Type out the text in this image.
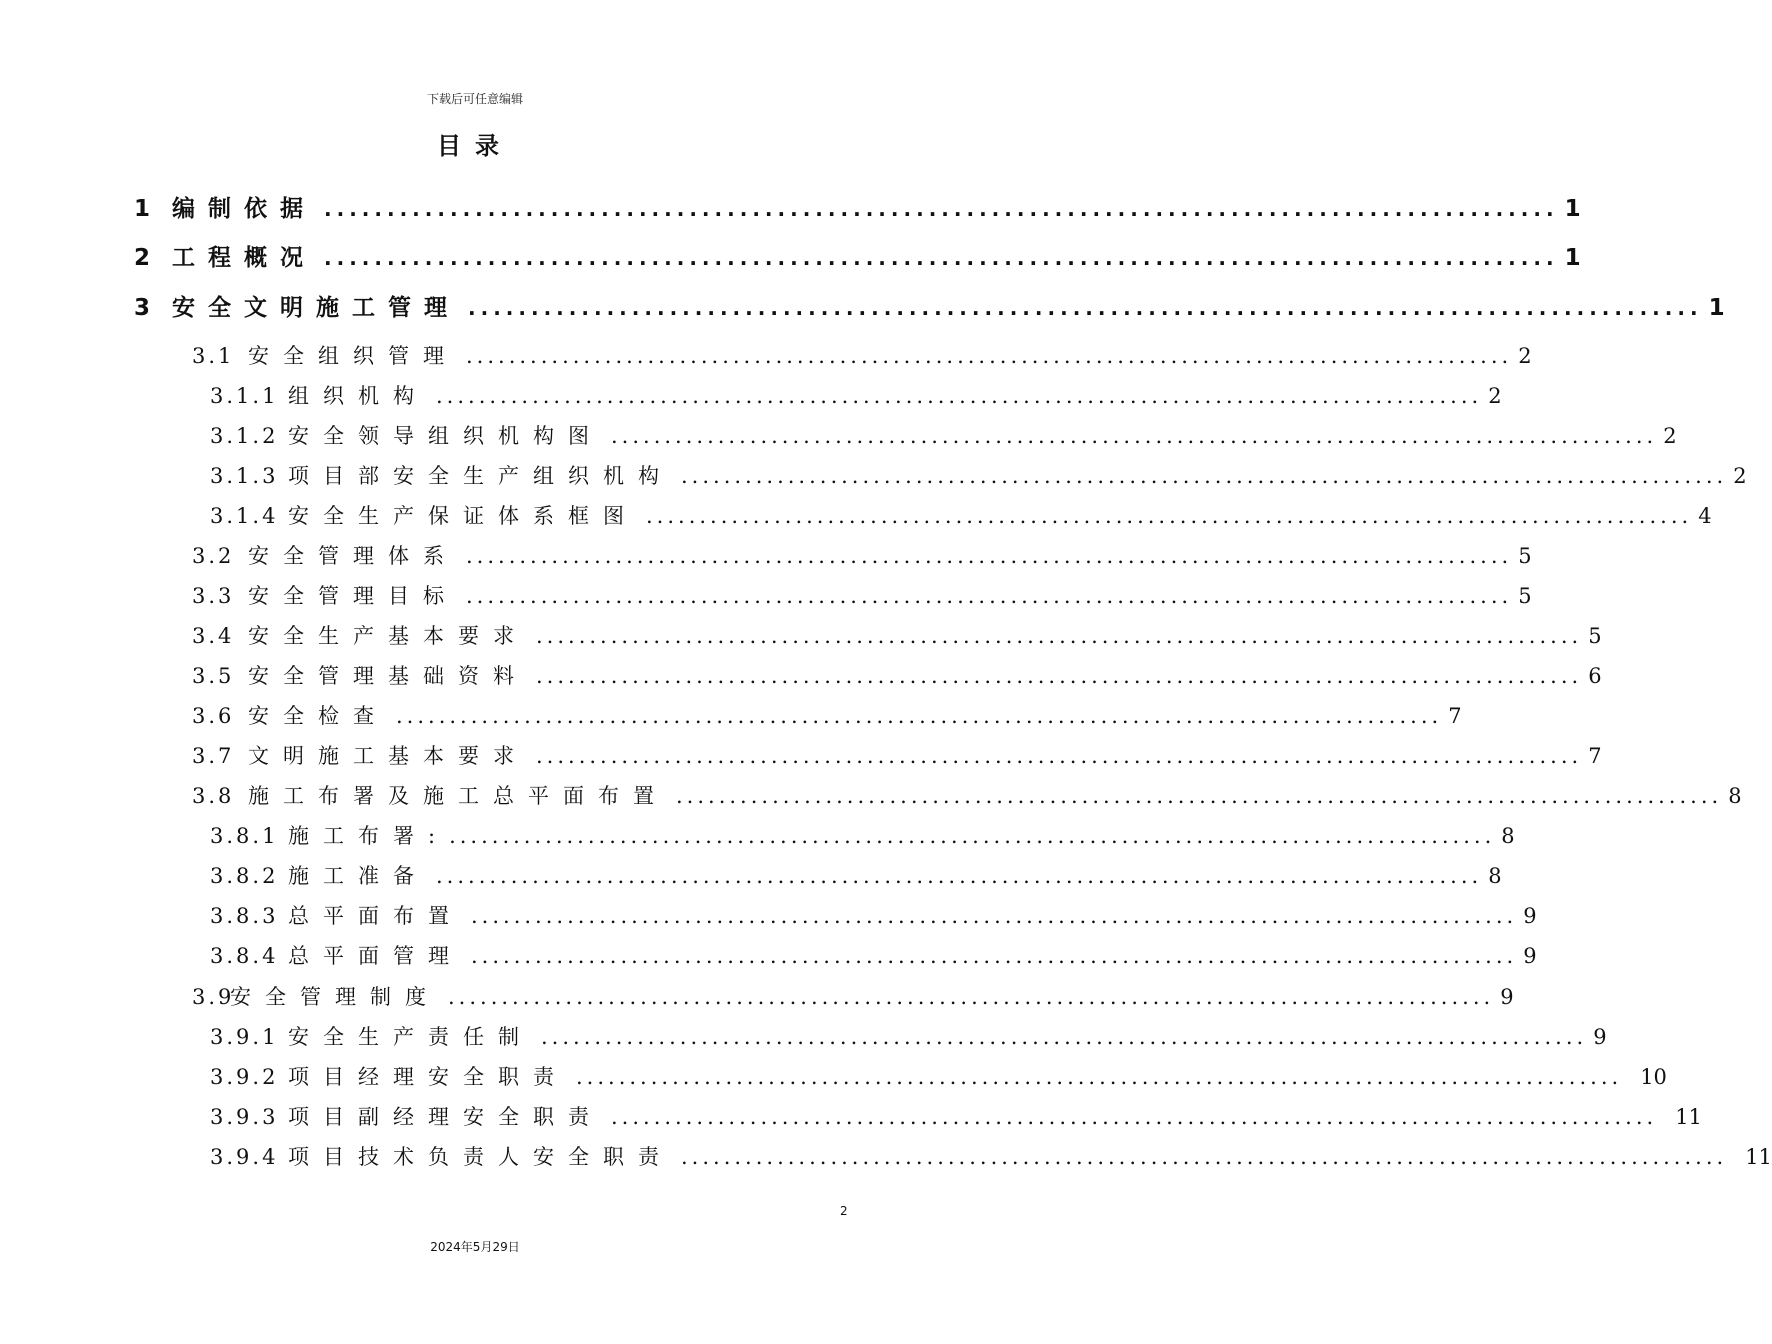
下载后可任意编辑
目录
1 编制依据 .................................................................................................. 1
2 工程概况 .................................................................................................. 1
3 安全文明施工管理 .................................................................................................. 1
3.1 安全组织管理 .................................................................................................. 2
3.1.1 组织机构 .................................................................................................. 2
3.1.2 安全领导组织机构图 .................................................................................................. 2
3.1.3 项目部安全生产组织机构 .................................................................................................. 2
3.1.4 安全生产保证体系框图 .................................................................................................. 4
3.2 安全管理体系 .................................................................................................. 5
3.3 安全管理目标 .................................................................................................. 5
3.4 安全生产基本要求 .................................................................................................. 5
3.5 安全管理基础资料 .................................................................................................. 6
3.6 安全检查 .................................................................................................. 7
3.7 文明施工基本要求 .................................................................................................. 7
3.8 施工布署及施工总平面布置 .................................................................................................. 8
3.8.1 施工布署: .................................................................................................. 8
3.8.2 施工准备 .................................................................................................. 8
3.8.3 总平面布置 .................................................................................................. 9
3.8.4 总平面管理 .................................................................................................. 9
3.9
安全管理制度 .................................................................................................. 9
3.9.1 安全生产责任制 .................................................................................................. 9
3.9.2 项目经理安全职责 .................................................................................................. 10
3.9.3 项目副经理安全职责 .................................................................................................. 11
3.9.4 项目技术负责人安全职责 .................................................................................................. 11
2
2024年5月29日
